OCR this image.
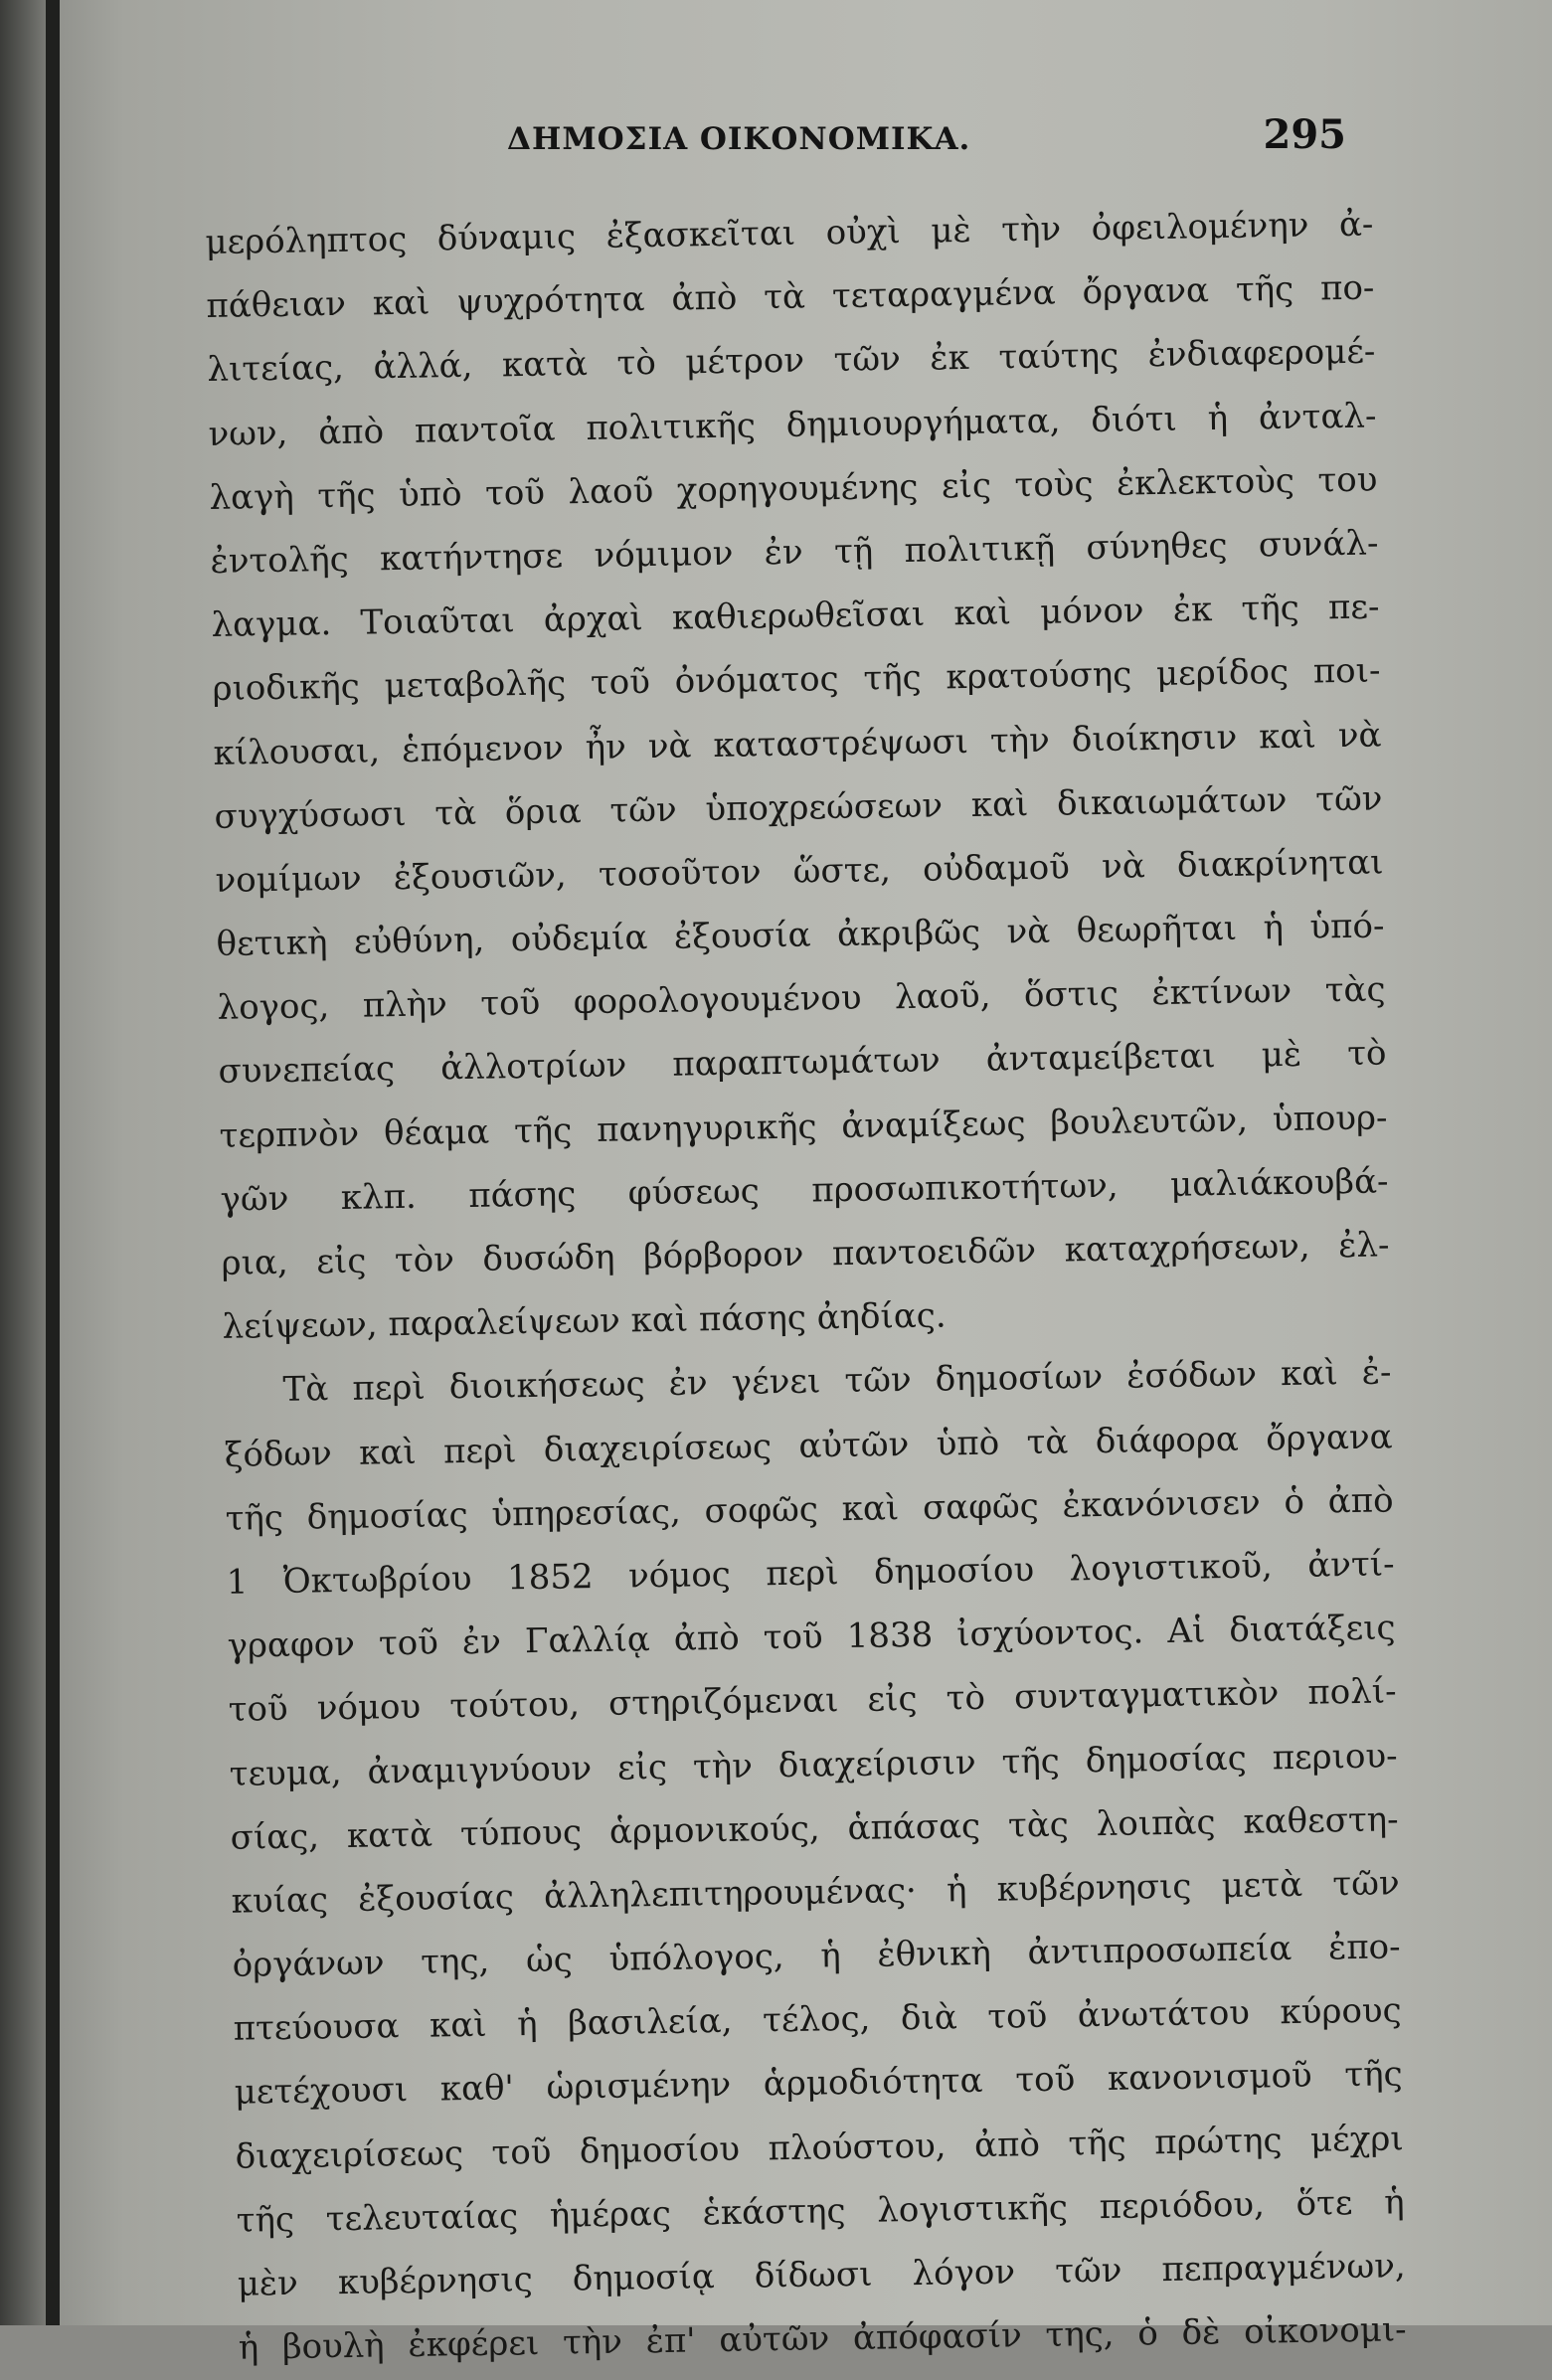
ΔΗΜΟΣΙΑ ΟΙΚΟΝΟΜΙΚΑ.	295
μερόληπτος δύναμις ἐξασκεῖται οὐχὶ μὲ τὴν ὀφειλομένην ἀ-
πάθειαν καὶ ψυχρότητα ἀπὸ τὰ τεταραγμένα ὄργανα τῆς πο-
λιτείας, ἀλλά, κατὰ τὸ μέτρον τῶν ἐκ ταύτης ἐνδιαφερομέ-
νων, ἀπὸ παντοῖα πολιτικῆς δημιουργήματα, διότι ἡ ἀνταλ-
λαγὴ τῆς ὑπὸ τοῦ λαοῦ χορηγουμένης εἰς τοὺς ἐκλεκτοὺς του
ἐντολῆς κατήντησε νόμιμον ἐν τῇ πολιτικῇ σύνηθες συνάλ-
λαγμα. Τοιαῦται ἀρχαὶ καθιερωθεῖσαι καὶ μόνον ἐκ τῆς πε-
ριοδικῆς μεταβολῆς τοῦ ὀνόματος τῆς κρατούσης μερίδος ποι-
κίλουσαι, ἑπόμενον ἦν νὰ καταστρέψωσι τὴν διοίκησιν καὶ νὰ
συγχύσωσι τὰ ὅρια τῶν ὑποχρεώσεων καὶ δικαιωμάτων τῶν
νομίμων ἐξουσιῶν, τοσοῦτον ὥστε, οὐδαμοῦ νὰ διακρίνηται
θετικὴ εὐθύνη, οὐδεμία ἐξουσία ἀκριβῶς νὰ θεωρῆται ἡ ὑπό-
λογος, πλὴν τοῦ φορολογουμένου λαοῦ, ὅστις ἐκτίνων τὰς
συνεπείας ἀλλοτρίων παραπτωμάτων ἀνταμείβεται μὲ τὸ
τερπνὸν θέαμα τῆς πανηγυρικῆς ἀναμίξεως βουλευτῶν, ὑπουρ-
γῶν κλπ. πάσης φύσεως προσωπικοτήτων, μαλιάκουβά-
ρια, εἰς τὸν δυσώδη βόρβορον παντοειδῶν καταχρήσεων, ἐλ-
λείψεων, παραλείψεων καὶ πάσης ἀηδίας.
Τὰ περὶ διοικήσεως ἐν γένει τῶν δημοσίων ἐσόδων καὶ ἐ-
ξόδων καὶ περὶ διαχειρίσεως αὐτῶν ὑπὸ τὰ διάφορα ὄργανα
τῆς δημοσίας ὑπηρεσίας, σοφῶς καὶ σαφῶς ἐκανόνισεν ὁ ἀπὸ
1 Ὀκτωβρίου 1852 νόμος περὶ δημοσίου λογιστικοῦ, ἀντί-
γραφον τοῦ ἐν Γαλλίᾳ ἀπὸ τοῦ 1838 ἰσχύοντος. Αἱ διατάξεις
τοῦ νόμου τούτου, στηριζόμεναι εἰς τὸ συνταγματικὸν πολί-
τευμα, ἀναμιγνύουν εἰς τὴν διαχείρισιν τῆς δημοσίας περιου-
σίας, κατὰ τύπους ἁρμονικούς, ἁπάσας τὰς λοιπὰς καθεστη-
κυίας ἐξουσίας ἀλληλεπιτηρουμένας· ἡ κυβέρνησις μετὰ τῶν
ὀργάνων της, ὡς ὑπόλογος, ἡ ἐθνικὴ ἀντιπροσωπεία ἐπο-
πτεύουσα καὶ ἡ βασιλεία, τέλος, διὰ τοῦ ἀνωτάτου κύρους
μετέχουσι καθ' ὡρισμένην ἁρμοδιότητα τοῦ κανονισμοῦ τῆς
διαχειρίσεως τοῦ δημοσίου πλούστου, ἀπὸ τῆς πρώτης μέχρι
τῆς τελευταίας ἡμέρας ἑκάστης λογιστικῆς περιόδου, ὅτε ἡ
μὲν κυβέρνησις δημοσίᾳ δίδωσι λόγον τῶν πεπραγμένων,
ἡ βουλὴ ἐκφέρει τὴν ἐπ' αὐτῶν ἀπόφασίν της, ὁ δὲ οἰκονομι-
